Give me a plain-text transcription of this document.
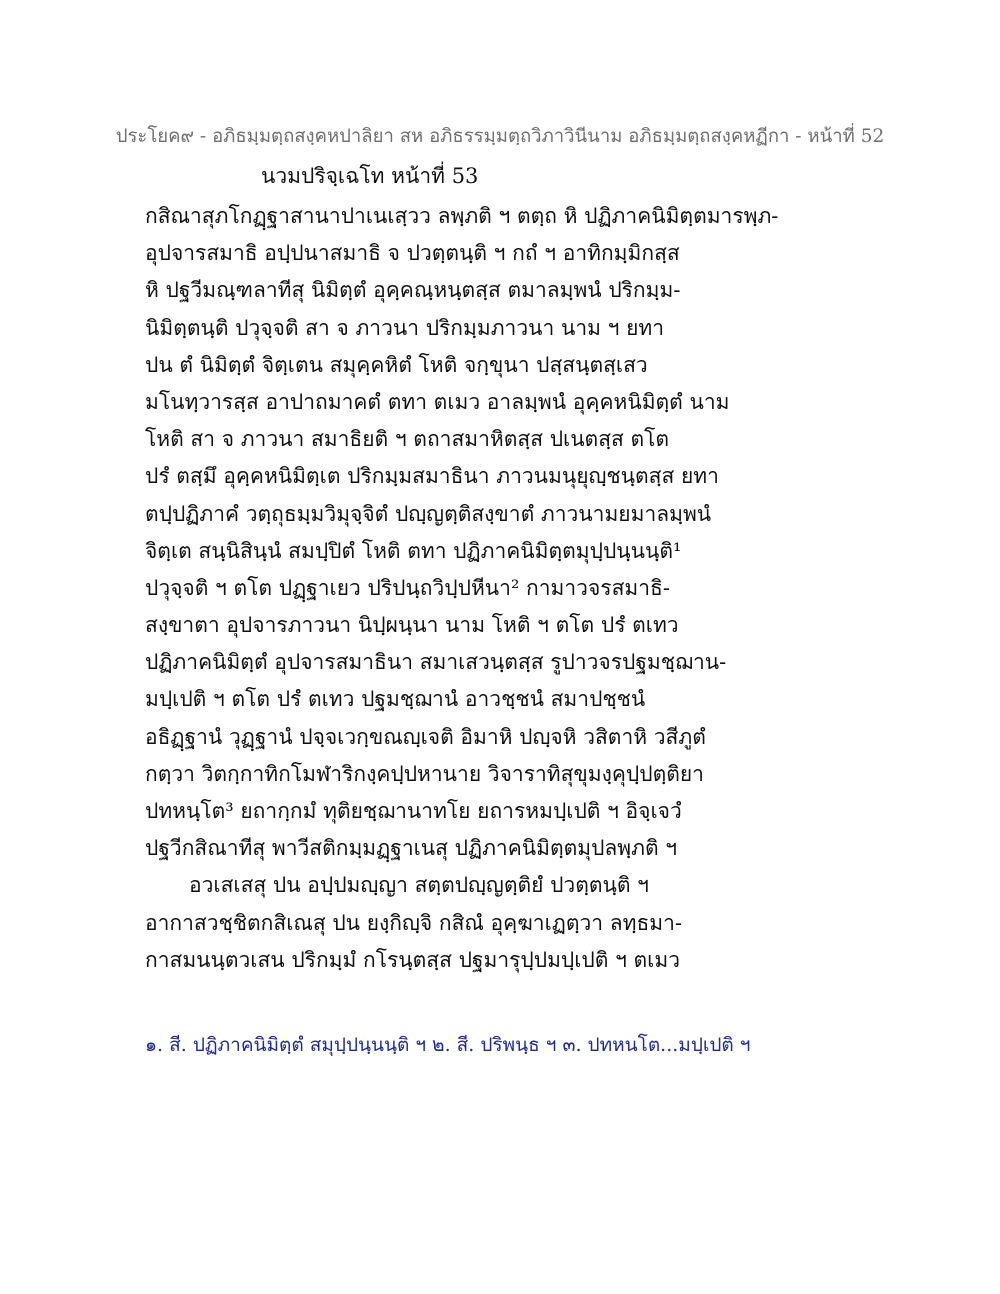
ประโยค๙ - อภิธมฺมตฺถสงฺคหปาลิยา สห อภิธรรมฺมตฺถวิภาวินีนาม อภิธมฺมตฺถสงฺคหฏีกา - หน้าที่ 52
นวมปริจฺเฉโท หน้าที่ 53
กสิณาสุภโกฏฺฐาสานาปาเนเสฺวว ลพฺภติ ฯ ตตฺถ หิ ปฏิภาคนิมิตฺตมารพฺภ-
อุปจารสมาธิ อปฺปนาสมาธิ จ ปวตฺตนฺติ ฯ กถํ ฯ อาทิกมฺมิกสฺส
หิ ปฐวีมณฺฑลาทีสุ นิมิตฺตํ อุคฺคณฺหนฺตสฺส ตมาลมฺพนํ ปริกมฺม-
นิมิตฺตนฺติ ปวุจฺจติ สา จ ภาวนา ปริกมฺมภาวนา นาม ฯ ยทา
ปน ตํ นิมิตฺตํ จิตฺเตน สมุคฺคหิตํ โหติ จกฺขุนา ปสฺสนฺตสฺเสว
มโนทฺวารสฺส อาปาถมาคตํ ตทา ตเมว อาลมฺพนํ อุคฺคหนิมิตฺตํ นาม
โหติ สา จ ภาวนา สมาธิยติ ฯ ตถาสมาหิตสฺส ปเนตสฺส ตโต
ปรํ ตสฺมึ อุคฺคหนิมิตฺเต ปริกมฺมสมาธินา ภาวนมนุยุญฺชนฺตสฺส ยทา
ตปฺปฏิภาคํ วตฺถุธมฺมวิมุจฺจิตํ ปญฺญตฺติสงฺขาตํ ภาวนามยมาลมฺพนํ
จิตฺเต สนฺนิสินฺนํ สมปฺปิตํ โหติ ตทา ปฏิภาคนิมิตฺตมุปฺปนฺนนฺติ¹
ปวุจฺจติ ฯ ตโต ปฏฺฐาเยว ปริปนฺถวิปฺปหีนา² กามาวจรสมาธิ-
สงฺขาตา อุปจารภาวนา นิปฺผนฺนา นาม โหติ ฯ ตโต ปรํ ตเทว
ปฏิภาคนิมิตฺตํ อุปจารสมาธินา สมาเสวนฺตสฺส รูปาวจรปฐมชฺฌาน-
มปฺเปติ ฯ ตโต ปรํ ตเทว ปฐมชฺฌานํ อาวชฺชนํ สมาปชฺชนํ
อธิฏฺฐานํ วุฏฺฐานํ ปจฺจเวกฺขณญฺเจติ อิมาหิ ปญฺจหิ วสิตาหิ วสีภูตํ
กตฺวา วิตกฺกาทิกโมฬาริกงฺคปฺปหานาย วิจาราทิสุขุมงฺคุปฺปตฺติยา
ปทหนฺโต³ ยถากฺกมํ ทุติยชฺฌานาทโย ยถารหมปฺเปติ ฯ อิจฺเจวํ
ปฐวีกสิณาทีสุ พาวีสติกมฺมฏฺฐาเนสุ ปฏิภาคนิมิตฺตมุปลพฺภติ ฯ
อวเสเสสุ ปน อปฺปมญฺญา สตฺตปญฺญตฺติยํ ปวตฺตนฺติ ฯ
อากาสวชฺชิตกสิเณสุ ปน ยงฺกิญฺจิ กสิณํ อุคฺฆาเฏตฺวา ลทฺธมา-
กาสมนนฺตวเสน ปริกมฺมํ กโรนฺตสฺส ปฐมารุปฺปมปฺเปติ ฯ ตเมว
๑. สี. ปฏิภาคนิมิตฺตํ สมุปฺปนฺนนฺติ ฯ ๒. สี. ปริพนฺธ ฯ ๓. ปทหนโต...มปฺเปติ ฯ
